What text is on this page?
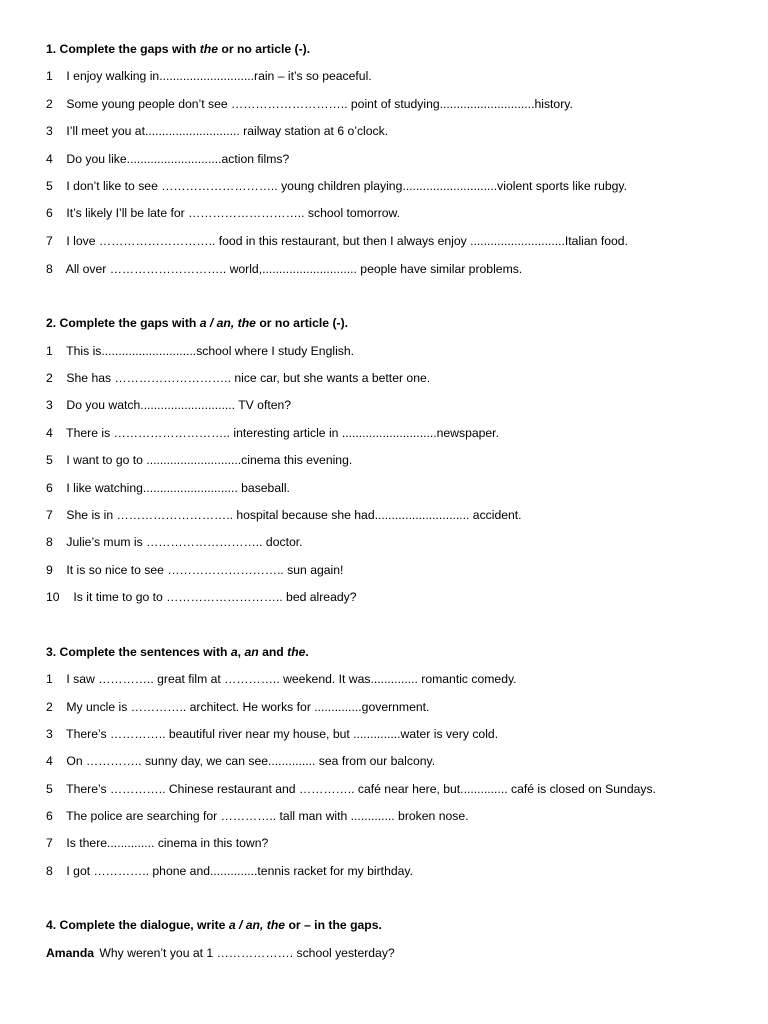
1. Complete the gaps with the or no article (-).
1 I enjoy walking in............................rain – it’s so peaceful.
2 Some young people don’t see ……………………….. point of studying............................history.
3 I’ll meet you at............................ railway station at 6 o’clock.
4 Do you like............................action films?
5 I don’t like to see ……………………….. young children playing............................violent sports like rubgy.
6 It’s likely I’ll be late for ……………………….. school tomorrow.
7 I love ……………………….. food in this restaurant, but then I always enjoy ............................Italian food.
8 All over ……………………….. world,............................ people have similar problems.
2. Complete the gaps with a / an, the or no article (-).
1 This is............................school where I study English.
2 She has ……………………….. nice car, but she wants a better one.
3 Do you watch............................ TV often?
4 There is ……………………….. interesting article in ............................newspaper.
5 I want to go to ............................cinema this evening.
6 I like watching............................ baseball.
7 She is in ……………………….. hospital because she had............................ accident.
8 Julie’s mum is ……………………….. doctor.
9 It is so nice to see ……………………….. sun again!
10 Is it time to go to ……………………….. bed already?
3. Complete the sentences with a, an and the.
1 I saw ………….. great film at ………….. weekend. It was.............. romantic comedy.
2 My uncle is ………….. architect. He works for ..............government.
3 There’s ………….. beautiful river near my house, but ..............water is very cold.
4 On ………….. sunny day, we can see.............. sea from our balcony.
5 There’s ………….. Chinese restaurant and ………….. café near here, but.............. café is closed on Sundays.
6 The police are searching for ………….. tall man with ............. broken nose.
7 Is there.............. cinema in this town?
8 I got ………….. phone and..............tennis racket for my birthday.
4. Complete the dialogue, write a / an, the or – in the gaps.
Amanda Why weren’t you at 1 ………………. school yesterday?
